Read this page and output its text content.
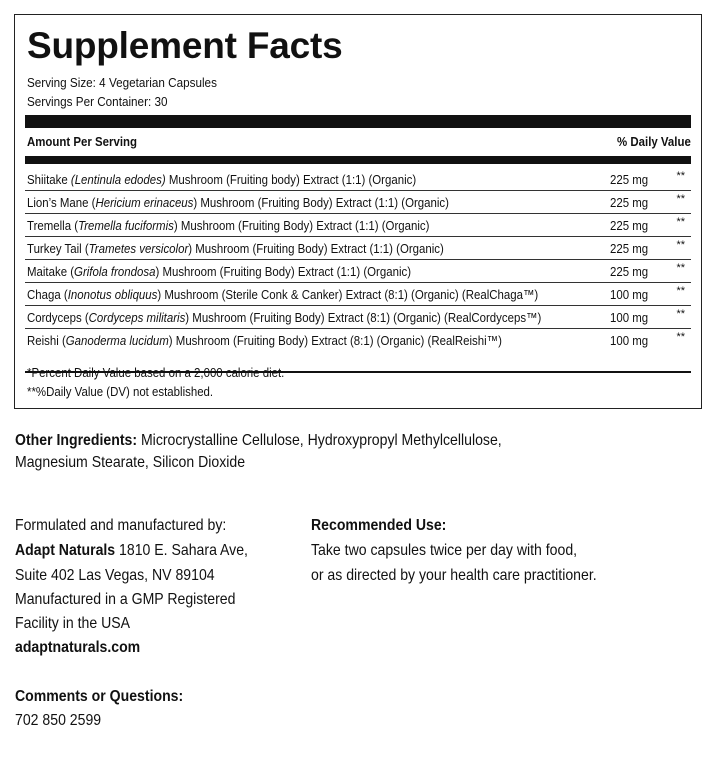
Supplement Facts
Serving Size: 4 Vegetarian Capsules
Servings Per Container: 30
Amount Per Serving	% Daily Value
Shiitake (Lentinula edodes) Mushroom (Fruiting body) Extract (1:1) (Organic)	225 mg	**
Lion’s Mane (Hericium erinaceus) Mushroom (Fruiting Body) Extract (1:1) (Organic)	225 mg	**
Tremella (Tremella fuciformis) Mushroom (Fruiting Body) Extract (1:1) (Organic)	225 mg	**
Turkey Tail (Trametes versicolor) Mushroom (Fruiting Body) Extract (1:1) (Organic)	225 mg	**
Maitake (Grifola frondosa) Mushroom (Fruiting Body) Extract (1:1) (Organic)	225 mg	**
Chaga (Inonotus obliquus) Mushroom (Sterile Conk & Canker) Extract (8:1) (Organic) (RealChaga™)	100 mg	**
Cordyceps (Cordyceps militaris) Mushroom (Fruiting Body) Extract (8:1) (Organic) (RealCordyceps™)	100 mg	**
Reishi (Ganoderma lucidum) Mushroom (Fruiting Body) Extract (8:1) (Organic) (RealReishi™)	100 mg	**
*Percent Daily Value based on a 2,000 calorie diet.
**%Daily Value (DV) not established.
Other Ingredients: Microcrystalline Cellulose, Hydroxypropyl Methylcellulose,
Magnesium Stearate, Silicon Dioxide
Formulated and manufactured by:
Adapt Naturals 1810 E. Sahara Ave,
Suite 402 Las Vegas, NV 89104
Manufactured in a GMP Registered
Facility in the USA
adaptnaturals.com
Recommended Use:
Take two capsules twice per day with food,
or as directed by your health care practitioner.
Comments or Questions:
702 850 2599
